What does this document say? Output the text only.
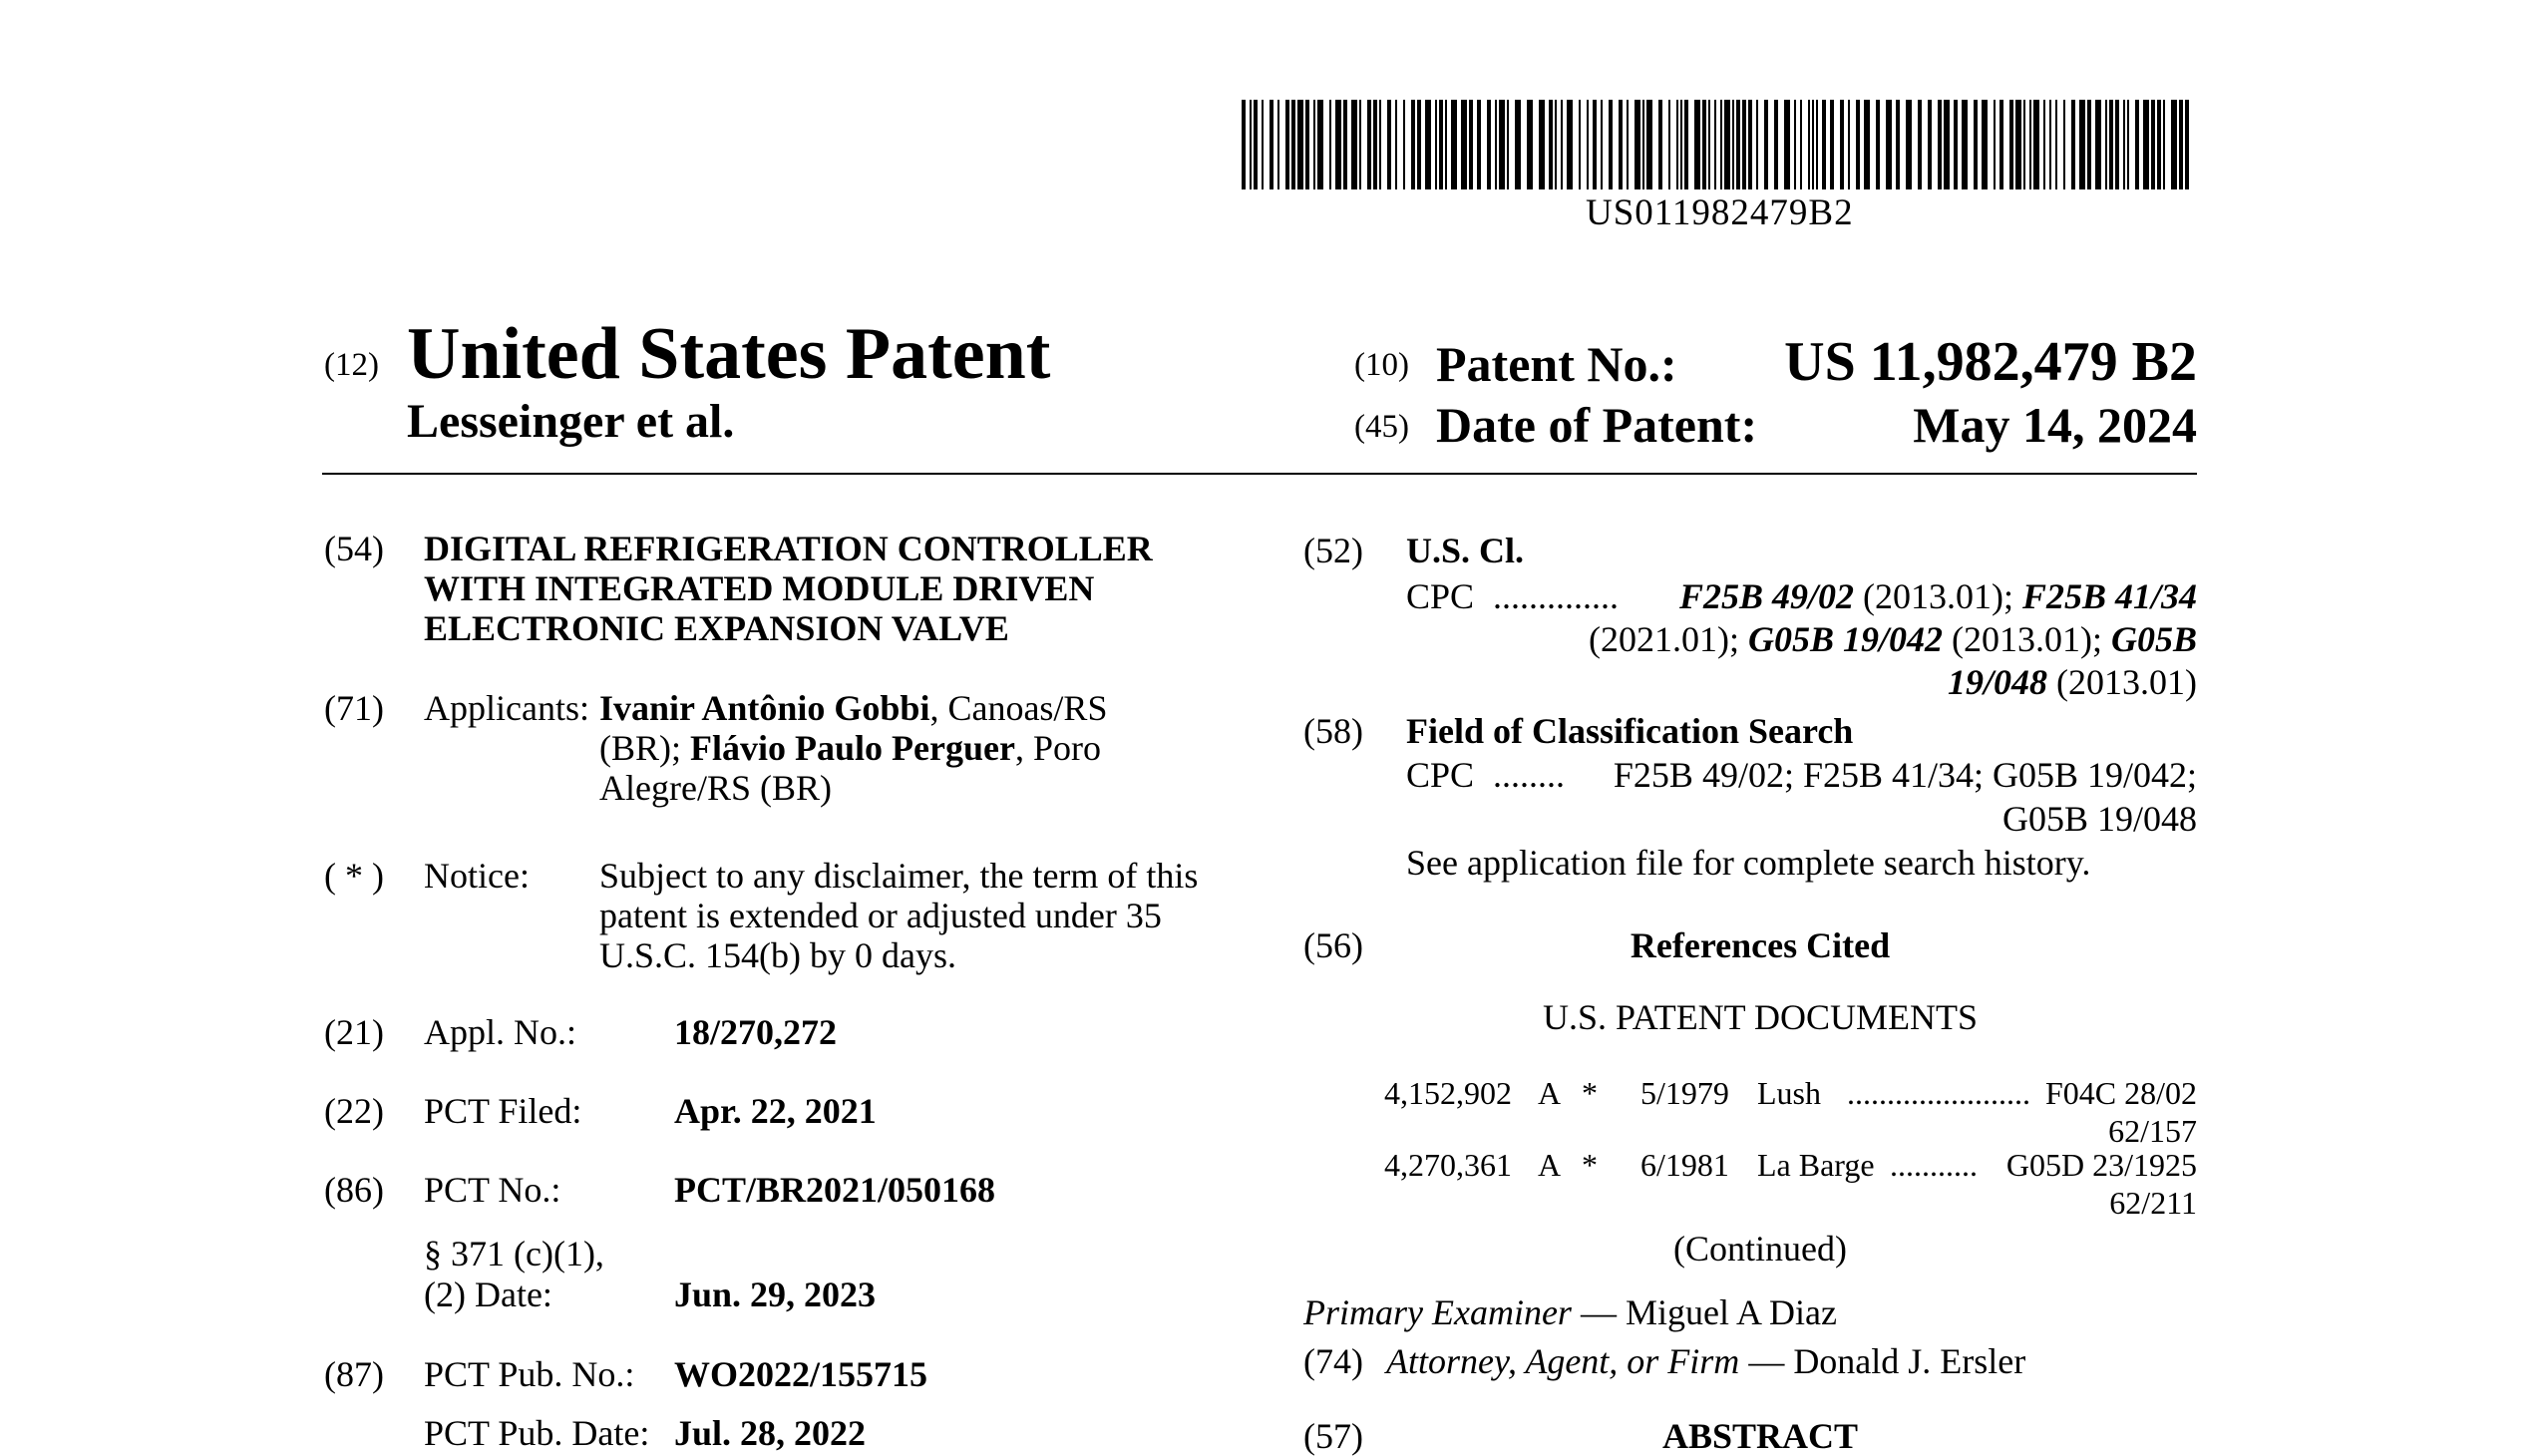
US011982479B2
(12) United States Patent
Lesseinger et al.
(10) Patent No.:	US 11,982,479 B2
(45) Date of Patent:	May 14, 2024
(54) DIGITAL REFRIGERATION CONTROLLER
WITH INTEGRATED MODULE DRIVEN
ELECTRONIC EXPANSION VALVE
(71) Applicants: Ivanir Antônio Gobbi, Canoas/RS
(BR); Flávio Paulo Perguer, Poro
Alegre/RS (BR)
( * ) Notice: Subject to any disclaimer, the term of this
patent is extended or adjusted under 35
U.S.C. 154(b) by 0 days.
(21) Appl. No.:	18/270,272
(22) PCT Filed:	Apr. 22, 2021
(86) PCT No.:	PCT/BR2021/050168
§ 371 (c)(1),
(2) Date:	Jun. 29, 2023
(87) PCT Pub. No.: WO2022/155715
PCT Pub. Date: Jul. 28, 2022
(52) U.S. Cl.
CPC ..............	F25B 49/02 (2013.01); F25B 41/34
(2021.01); G05B 19/042 (2013.01); G05B
19/048 (2013.01)
(58) Field of Classification Search
CPC ........	F25B 49/02; F25B 41/34; G05B 19/042;
G05B 19/048
See application file for complete search history.
(56)	References Cited
U.S. PATENT DOCUMENTS
4,152,902 A * 5/1979 Lush ....................... F04C 28/02
62/157
4,270,361 A * 6/1981 La Barge ........... G05D 23/1925
62/211
(Continued)
Primary Examiner — Miguel A Diaz
(74) Attorney, Agent, or Firm — Donald J. Ersler
(57)	ABSTRACT
